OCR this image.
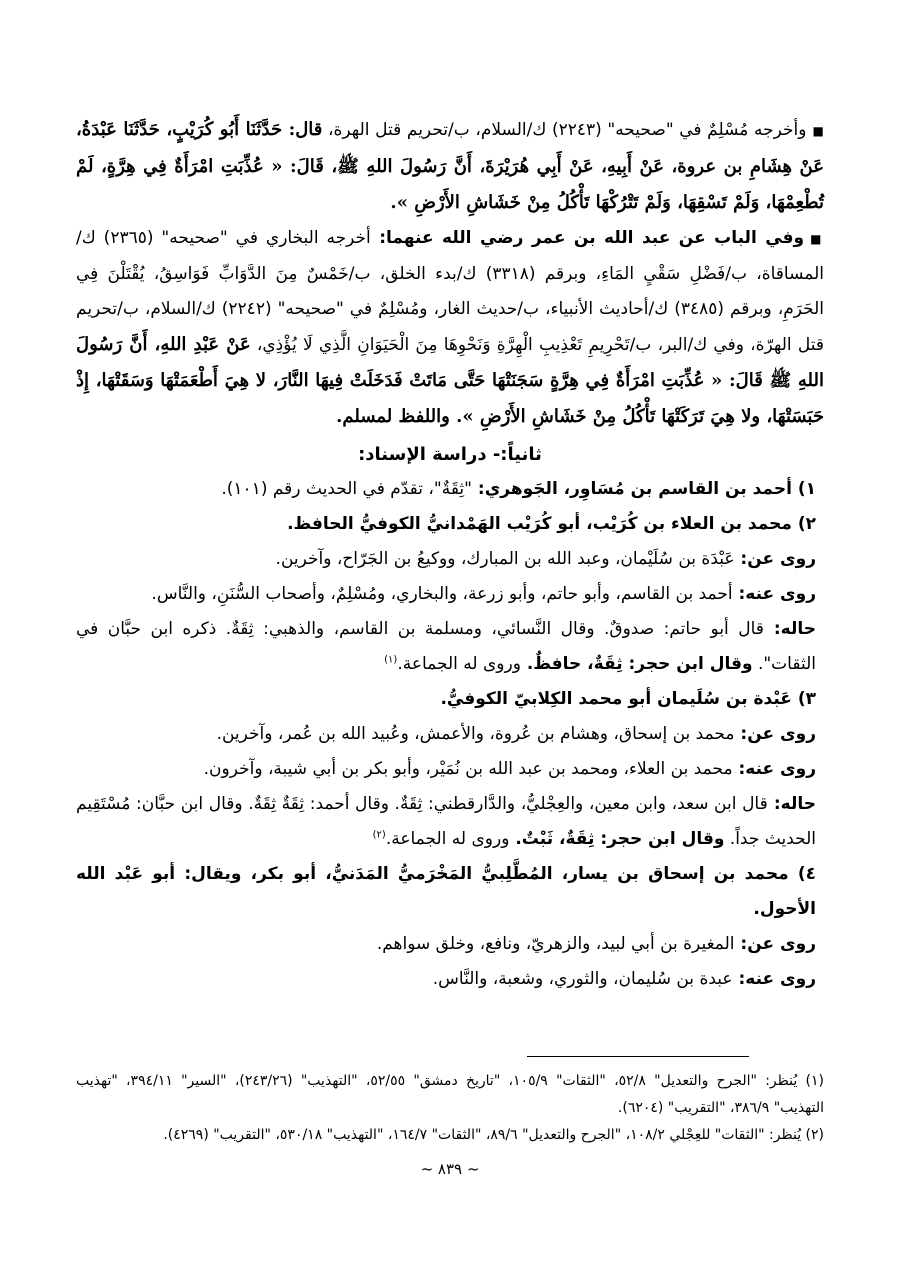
■وأخرجه مُسْلِمٌ في "صحيحه" (٢٢٤٣) ك/السلام، ب/تحريم قتل الهرة، قال: حَدَّثَنَا أَبُو كُرَيْبٍ، حَدَّثَنَا عَبْدَةُ، عَنْ هِشَامِ بن عروة، عَنْ أَبِيهِ، عَنْ أَبِي هُرَيْرَةَ، أَنَّ رَسُولَ اللهِ ﷺ، قَالَ: « عُذِّبَتِ امْرَأَةٌ فِي هِرَّةٍ، لَمْ تُطْعِمْهَا، وَلَمْ تَسْقِهَا، وَلَمْ تَتْرُكْهَا تَأْكُلُ مِنْ خَشَاشِ الأَرْضِ ».

■وفي الباب عن عبد الله بن عمر رضي الله عنهما: أخرجه البخاري في "صحيحه" (٢٣٦٥) ك/المساقاة، ب/فَضْلِ سَقْيِ المَاءِ، وبرقم (٣٣١٨) ك/بدء الخلق، ب/خَمْسٌ مِنَ الدَّوَابِّ فَوَاسِقُ، يُقْتَلْنَ فِي الحَرَمِ، وبرقم (٣٤٨٥) ك/أحاديث الأنبياء، ب/حديث الغار، ومُسْلِمٌ في "صحيحه" (٢٢٤٢) ك/السلام، ب/تحريم قتل الهرّة، وفي ك/البر، ب/تَحْرِيمِ تَعْذِيبِ الْهِرَّةِ وَنَحْوِهَا مِنَ الْحَيَوَانِ الَّذِي لَا يُؤْذِي، عَنْ عَبْدِ اللهِ، أَنَّ رَسُولَ اللهِ ﷺ قَالَ: « عُذِّبَتِ امْرَأَةٌ فِي هِرَّةٍ سَجَنَتْهَا حَتَّى مَاتَتْ فَدَخَلَتْ فِيهَا النَّارَ، لا هِيَ أَطْعَمَتْهَا وَسَقَتْهَا، إِذْ حَبَسَتْهَا، ولا هِيَ تَرَكَتْهَا تَأْكُلُ مِنْ خَشَاشِ الأَرْضِ ». واللفظ لمسلم.

ثانياً:- دراسة الإسناد:

١) أحمد بن القاسم بن مُسَاوِر، الجَوهري: "ثِقَةٌ"، تقدّم في الحديث رقم (١٠١).

٢) محمد بن العلاء بن كُرَيْب، أبو كُرَيْب الهَمْدانيُّ الكوفيُّ الحافظ.

روى عن: عَبْدَة بن سُلَيْمان، وعبد الله بن المبارك، ووكيعُ بن الجَرّاح، وآخرين.

روى عنه: أحمد بن القاسم، وأبو حاتم، وأبو زرعة، والبخاري، ومُسْلِمٌ، وأصحاب السُّنَنِ، والنَّاس.

حاله: قال أبو حاتم: صدوقٌ. وقال النَّسائي، ومسلمة بن القاسم، والذهبي: ثِقَةٌ. ذكره ابن حبَّان في الثقات". وقال ابن حجر: ثِقَةٌ، حافظٌ. وروى له الجماعة.$^{(١)}$

٣) عَبْدة بن سُلَيمان أبو محمد الكِلابيّ الكوفيُّ.

روى عن: محمد بن إسحاق، وهشام بن عُروة، والأعمش، وعُبيد الله بن عُمر، وآخرين.

روى عنه: محمد بن العلاء، ومحمد بن عبد الله بن نُمَيْر، وأبو بكر بن أبي شيبة، وآخرون.

حاله: قال ابن سعد، وابن معين، والعِجْليُّ، والدَّارقطني: ثِقَةٌ. وقال أحمد: ثِقَةٌ ثِقَةٌ. وقال ابن حبَّان: مُسْتَقِيم الحديث جداً. وقال ابن حجر: ثِقَةٌ، ثَبْتٌ. وروى له الجماعة.$^{(٢)}$

٤) محمد بن إسحاق بن يسار، المُطَّلِبيُّ المَخْرَميُّ المَدَنيُّ، أبو بكر، ويقال: أبو عَبْد الله الأحول.

روى عن: المغيرة بن أبي لبيد، والزهريّ، ونافع، وخلق سواهم.

روى عنه: عبدة بن سُليمان، والثوري، وشعبة، والنَّاس.

(١) يُنظر: "الجرح والتعديل" ٥٢/٨، "الثقات" ١٠٥/٩، "تاريخ دمشق" ٥٢/٥٥، "التهذيب" (٢٤٣/٢٦)، "السير" ٣٩٤/١١، "تهذيب التهذيب" ٣٨٦/٩، "التقريب" (٦٢٠٤).

(٢) يُنظر: "الثقات" للعِجْلي ١٠٨/٢، "الجرح والتعديل" ٨٩/٦، "الثقات" ١٦٤/٧، "التهذيب" ٥٣٠/١٨، "التقريب" (٤٢٦٩).

~ ٨٣٩ ~
